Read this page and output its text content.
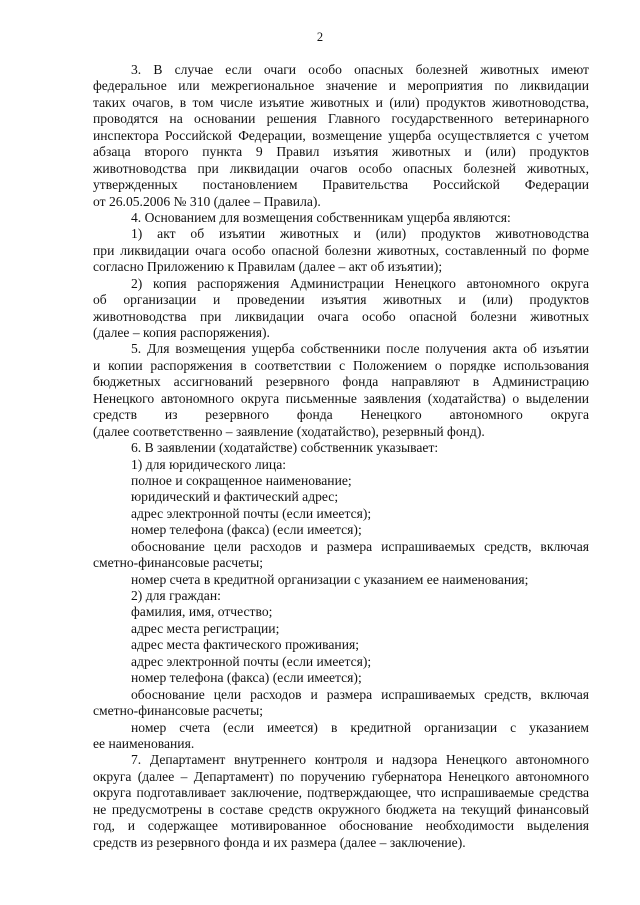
2
3. В случае если очаги особо опасных болезней животных имеют
федеральное или межрегиональное значение и мероприятия по ликвидации
таких очагов, в том числе изъятие животных и (или) продуктов животноводства,
проводятся на основании решения Главного государственного ветеринарного
инспектора Российской Федерации, возмещение ущерба осуществляется с учетом
абзаца второго пункта 9 Правил изъятия животных и (или) продуктов
животноводства при ликвидации очагов особо опасных болезней животных,
утвержденных постановлением Правительства Российской Федерации
от 26.05.2006 № 310 (далее – Правила).
4. Основанием для возмещения собственникам ущерба являются:
1) акт об изъятии животных и (или) продуктов животноводства
при ликвидации очага особо опасной болезни животных, составленный по форме
согласно Приложению к Правилам (далее – акт об изъятии);
2) копия распоряжения Администрации Ненецкого автономного округа
об организации и проведении изъятия животных и (или) продуктов
животноводства при ликвидации очага особо опасной болезни животных
(далее – копия распоряжения).
5. Для возмещения ущерба собственники после получения акта об изъятии
и копии распоряжения в соответствии с Положением о порядке использования
бюджетных ассигнований резервного фонда направляют в Администрацию
Ненецкого автономного округа письменные заявления (ходатайства) о выделении
средств из резервного фонда Ненецкого автономного округа
(далее соответственно – заявление (ходатайство), резервный фонд).
6. В заявлении (ходатайстве) собственник указывает:
1) для юридического лица:
полное и сокращенное наименование;
юридический и фактический адрес;
адрес электронной почты (если имеется);
номер телефона (факса) (если имеется);
обоснование цели расходов и размера испрашиваемых средств, включая
сметно-финансовые расчеты;
номер счета в кредитной организации с указанием ее наименования;
2) для граждан:
фамилия, имя, отчество;
адрес места регистрации;
адрес места фактического проживания;
адрес электронной почты (если имеется);
номер телефона (факса) (если имеется);
обоснование цели расходов и размера испрашиваемых средств, включая
сметно-финансовые расчеты;
номер счета (если имеется) в кредитной организации с указанием
ее наименования.
7. Департамент внутреннего контроля и надзора Ненецкого автономного
округа (далее – Департамент) по поручению губернатора Ненецкого автономного
округа подготавливает заключение, подтверждающее, что испрашиваемые средства
не предусмотрены в составе средств окружного бюджета на текущий финансовый
год, и содержащее мотивированное обоснование необходимости выделения
средств из резервного фонда и их размера (далее – заключение).
